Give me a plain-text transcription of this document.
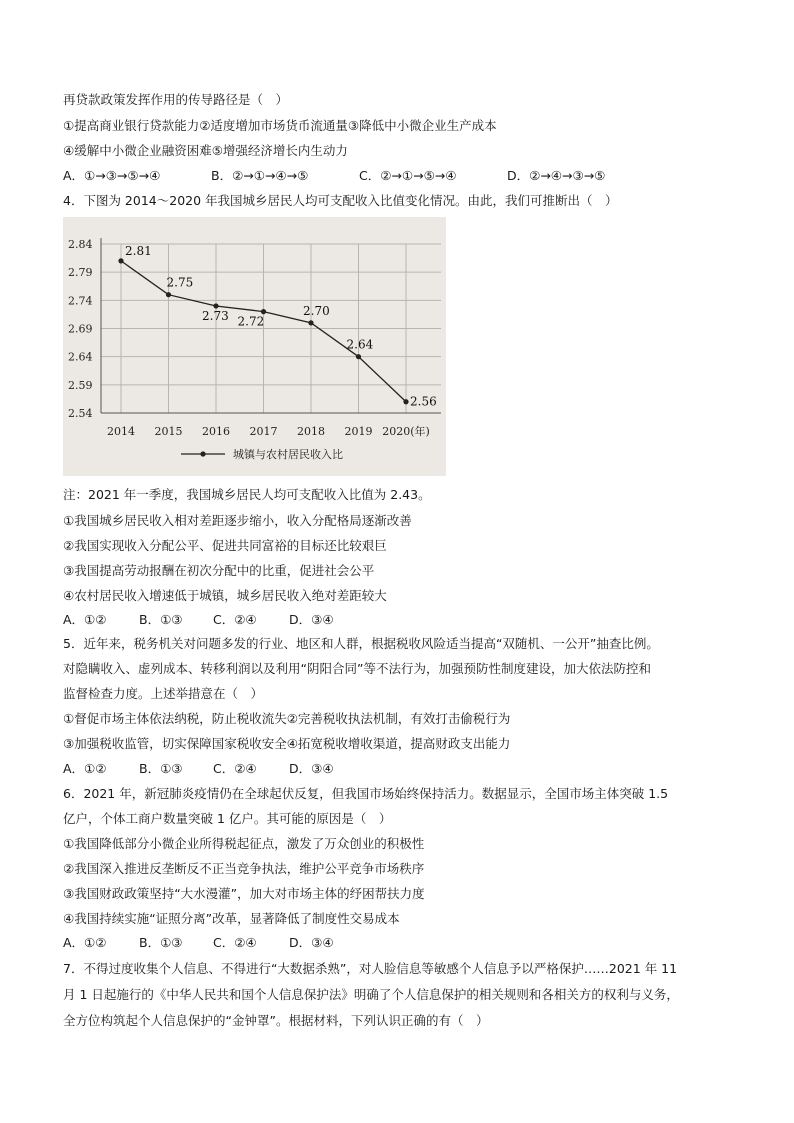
再贷款政策发挥作用的传导路径是（　）
①提高商业银行贷款能力②适度增加市场货币流通量③降低中小微企业生产成本
④缓解中小微企业融资困难⑤增强经济增长内生动力
A．①→③→⑤→④	B．②→①→④→⑤	C．②→①→⑤→④	D．②→④→③→⑤
4．下图为 2014～2020 年我国城乡居民人均可支配收入比值变化情况。由此，我们可推断出（　）
2.84
2.79
2.74
2.69
2.64
2.59
2.54
2014 2015 2016 2017 2018 2019 2020(年)
2.81
2.75
2.73 2.72
2.70
2.64
2.56
城镇与农村居民收入比
注：2021 年一季度，我国城乡居民人均可支配收入比值为 2.43。
①我国城乡居民收入相对差距逐步缩小，收入分配格局逐渐改善
②我国实现收入分配公平、促进共同富裕的目标还比较艰巨
③我国提高劳动报酬在初次分配中的比重，促进社会公平
④农村居民收入增速低于城镇，城乡居民收入绝对差距较大
A．①②	B．①③ C．②④	D．③④
5．近年来，税务机关对问题多发的行业、地区和人群，根据税收风险适当提高“双随机、一公开”抽查比例。
对隐瞒收入、虚列成本、转移利润以及利用“阴阳合同”等不法行为，加强预防性制度建设，加大依法防控和
监督检查力度。上述举措意在（　）
①督促市场主体依法纳税，防止税收流失②完善税收执法机制，有效打击偷税行为
③加强税收监管，切实保障国家税收安全④拓宽税收增收渠道，提高财政支出能力
A．①②	B．①③ C．②④	D．③④
6．2021 年，新冠肺炎疫情仍在全球起伏反复，但我国市场始终保持活力。数据显示，全国市场主体突破 1.5
亿户，个体工商户数量突破 1 亿户。其可能的原因是（　）
①我国降低部分小微企业所得税起征点，激发了万众创业的积极性
②我国深入推进反垄断反不正当竞争执法，维护公平竞争市场秩序
③我国财政政策坚持“大水漫灌”，加大对市场主体的纾困帮扶力度
④我国持续实施“证照分离”改革，显著降低了制度性交易成本
A．①②	B．①③ C．②④	D．③④
7．不得过度收集个人信息、不得进行“大数据杀熟”，对人脸信息等敏感个人信息予以严格保护……2021 年 11
月 1 日起施行的《中华人民共和国个人信息保护法》明确了个人信息保护的相关规则和各相关方的权利与义务，
全方位构筑起个人信息保护的“金钟罩”。根据材料，下列认识正确的有（　）
